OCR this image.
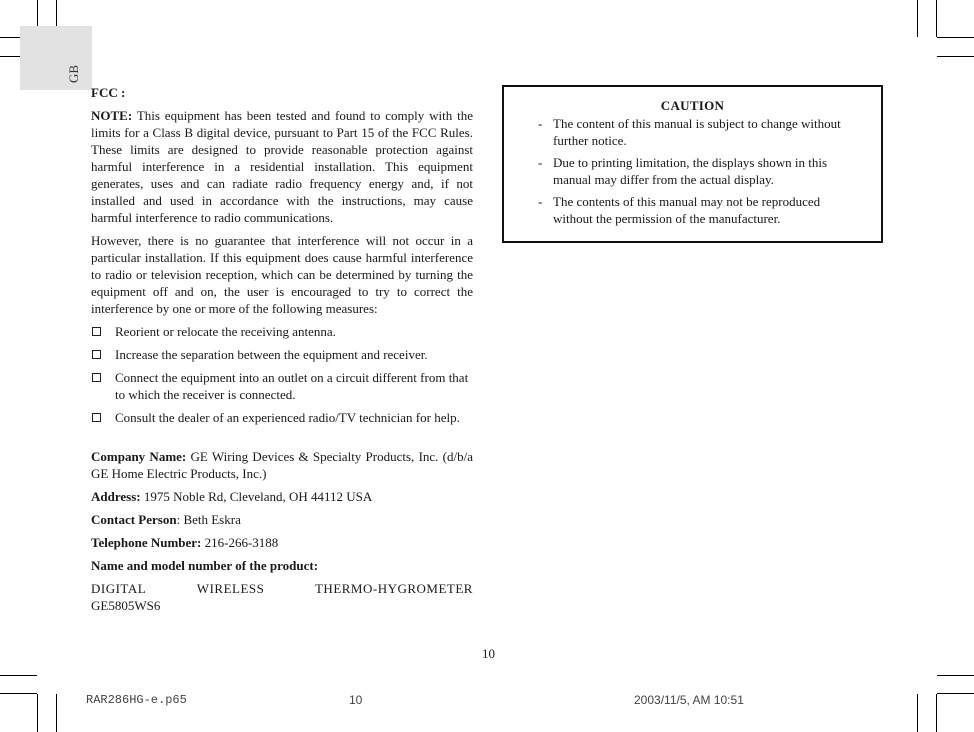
GB
FCC :

NOTE: This equipment has been tested and found to comply with the limits for a Class B digital device, pursuant to Part 15 of the FCC Rules. These limits are designed to provide reasonable protection against harmful interference in a residential installation. This equipment generates, uses and can radiate radio frequency energy and, if not installed and used in accordance with the instructions, may cause harmful interference to radio communications.

However, there is no guarantee that interference will not occur in a particular installation. If this equipment does cause harmful interference to radio or television reception, which can be determined by turning the equipment off and on, the user is encouraged to try to correct the interference by one or more of the following measures:

Reorient or relocate the receiving antenna.
Increase the separation between the equipment and receiver.
Connect the equipment into an outlet on a circuit different from that to which the receiver is connected.
Consult the dealer of an experienced radio/TV technician for help.

Company Name: GE Wiring Devices & Specialty Products, Inc. (d/b/a GE Home Electric Products, Inc.)

Address: 1975 Noble Rd, Cleveland, OH 44112 USA

Contact Person: Beth Eskra

Telephone Number: 216-266-3188

Name and model number of the product:

DIGITAL	WIRELESS	THERMO-HYGROMETER
GE5805WS6
CAUTION
- The content of this manual is subject to change without further notice.
- Due to printing limitation, the displays shown in this manual may differ from the actual display.
- The contents of this manual may not be reproduced without the permission of the manufacturer.
10
RAR286HG-e.p65	10	2003/11/5, AM 10:51
